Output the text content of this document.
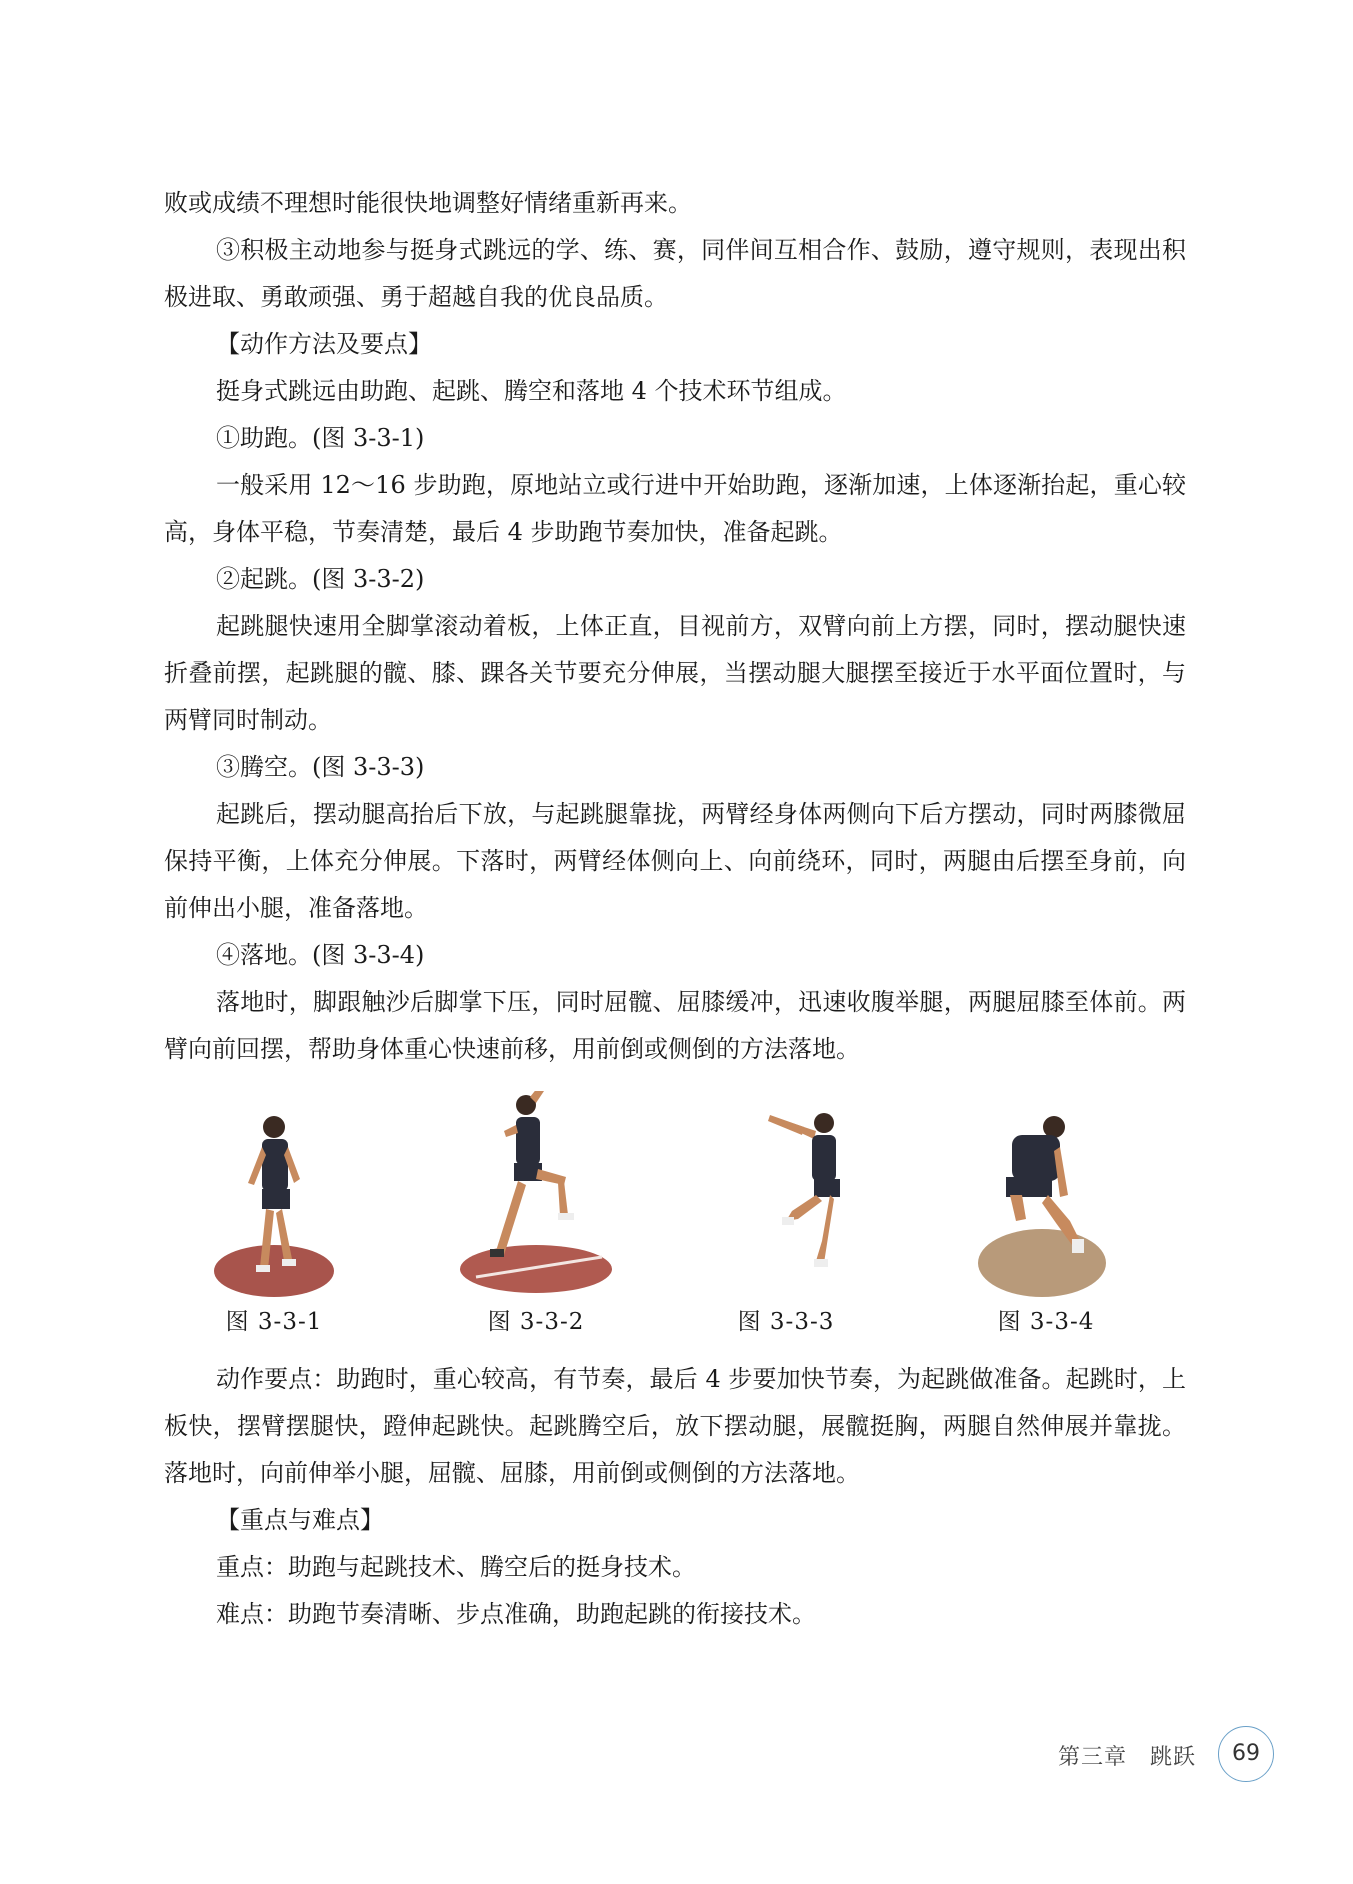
败或成绩不理想时能很快地调整好情绪重新再来。

③积极主动地参与挺身式跳远的学、练、赛，同伴间互相合作、鼓励，遵守规则，表现出积极进取、勇敢顽强、勇于超越自我的优良品质。

【动作方法及要点】

挺身式跳远由助跑、起跳、腾空和落地 4 个技术环节组成。

①助跑。(图 3-3-1)

一般采用 12～16 步助跑，原地站立或行进中开始助跑，逐渐加速，上体逐渐抬起，重心较高，身体平稳，节奏清楚，最后 4 步助跑节奏加快，准备起跳。

②起跳。(图 3-3-2)

起跳腿快速用全脚掌滚动着板，上体正直，目视前方，双臂向前上方摆，同时，摆动腿快速折叠前摆，起跳腿的髋、膝、踝各关节要充分伸展，当摆动腿大腿摆至接近于水平面位置时，与两臂同时制动。

③腾空。(图 3-3-3)

起跳后，摆动腿高抬后下放，与起跳腿靠拢，两臂经身体两侧向下后方摆动，同时两膝微屈保持平衡，上体充分伸展。下落时，两臂经体侧向上、向前绕环，同时，两腿由后摆至身前，向前伸出小腿，准备落地。

④落地。(图 3-3-4)

落地时，脚跟触沙后脚掌下压，同时屈髋、屈膝缓冲，迅速收腹举腿，两腿屈膝至体前。两臂向前回摆，帮助身体重心快速前移，用前倒或侧倒的方法落地。

图 3-3-1	图 3-3-2	图 3-3-3	图 3-3-4

动作要点：助跑时，重心较高，有节奏，最后 4 步要加快节奏，为起跳做准备。起跳时，上板快，摆臂摆腿快，蹬伸起跳快。起跳腾空后，放下摆动腿，展髋挺胸，两腿自然伸展并靠拢。落地时，向前伸举小腿，屈髋、屈膝，用前倒或侧倒的方法落地。

【重点与难点】

重点：助跑与起跳技术、腾空后的挺身技术。

难点：助跑节奏清晰、步点准确，助跑起跳的衔接技术。

第三章　跳跃	69
